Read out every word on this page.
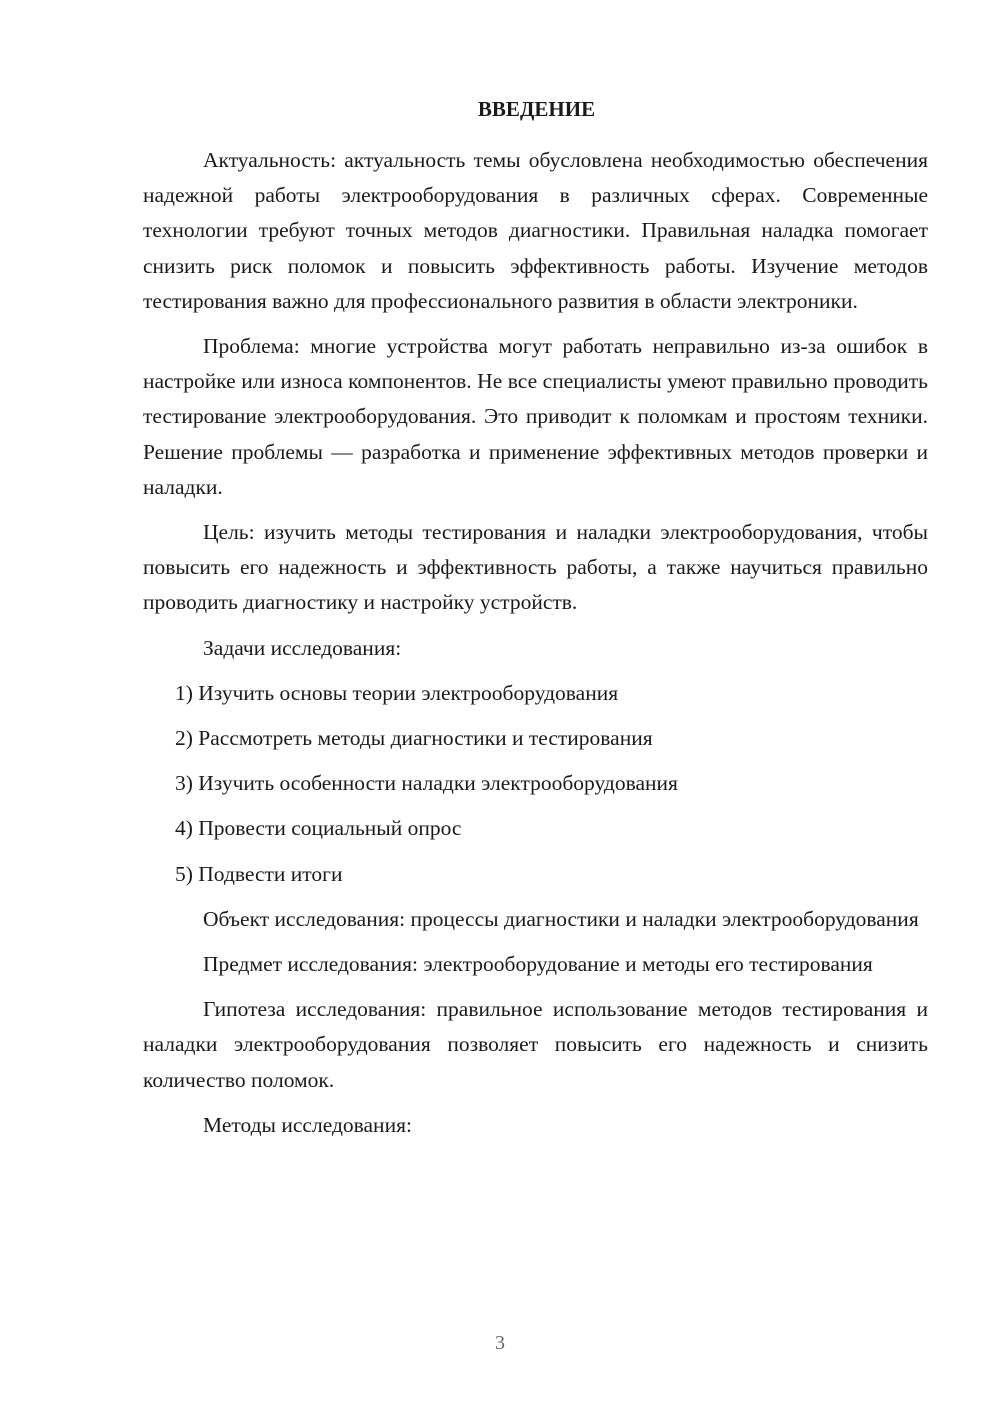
ВВЕДЕНИЕ

Актуальность: актуальность темы обусловлена необходимостью обеспечения надежной работы электрооборудования в различных сферах. Современные технологии требуют точных методов диагностики. Правильная наладка помогает снизить риск поломок и повысить эффективность работы. Изучение методов тестирования важно для профессионального развития в области электроники.

Проблема: многие устройства могут работать неправильно из-за ошибок в настройке или износа компонентов. Не все специалисты умеют правильно проводить тестирование электрооборудования. Это приводит к поломкам и простоям техники. Решение проблемы — разработка и применение эффективных методов проверки и наладки.

Цель: изучить методы тестирования и наладки электрооборудования, чтобы повысить его надежность и эффективность работы, а также научиться правильно проводить диагностику и настройку устройств.

Задачи исследования:

1) Изучить основы теории электрооборудования

2) Рассмотреть методы диагностики и тестирования

3) Изучить особенности наладки электрооборудования

4) Провести социальный опрос

5) Подвести итоги

Объект исследования: процессы диагностики и наладки электрооборудования

Предмет исследования: электрооборудование и методы его тестирования

Гипотеза исследования: правильное использование методов тестирования и наладки электрооборудования позволяет повысить его надежность и снизить количество поломок.

Методы исследования:

3
